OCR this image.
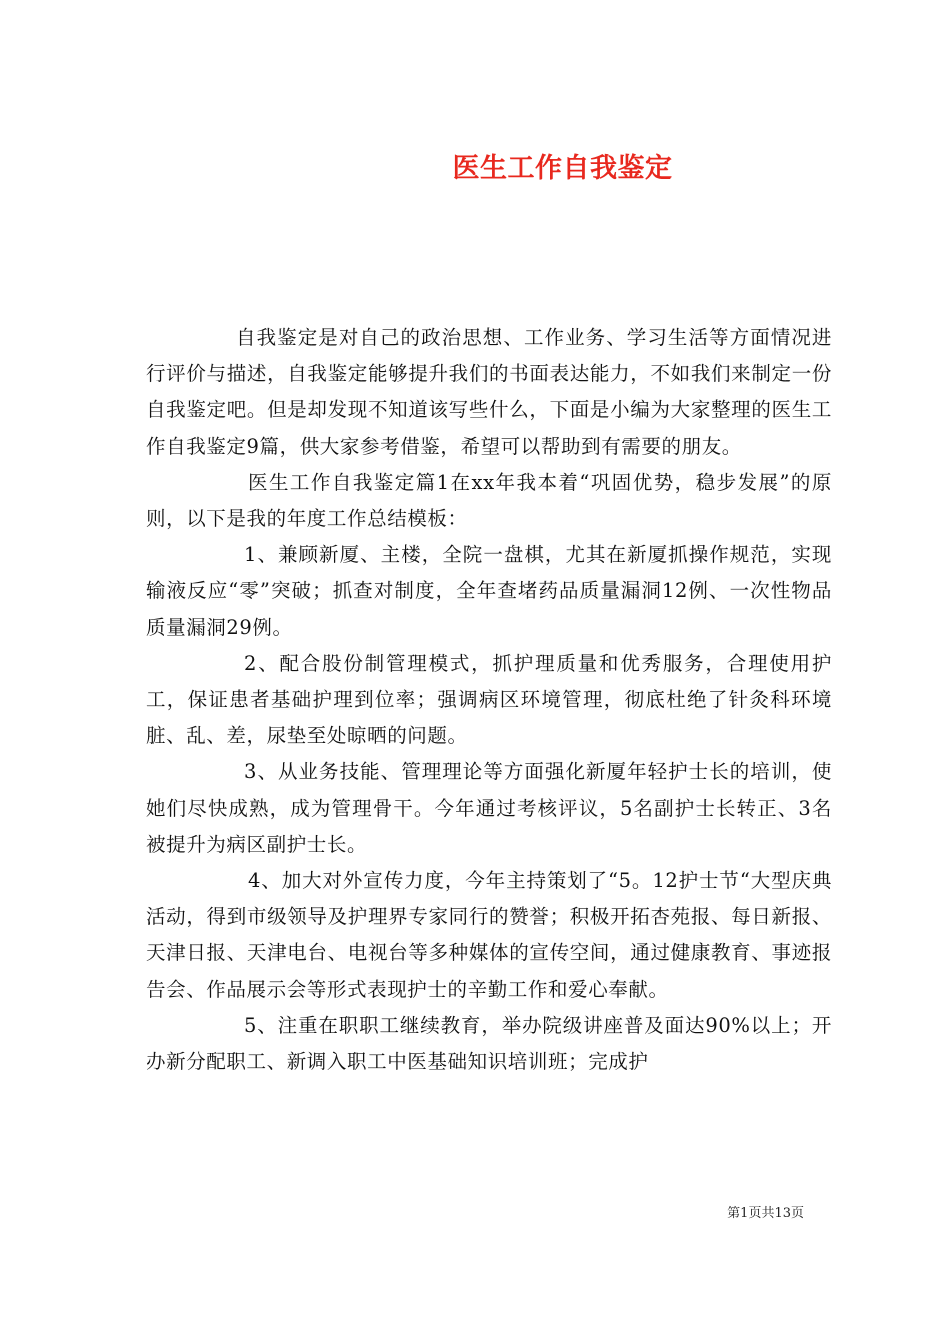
医生工作自我鉴定

自我鉴定是对自己的政治思想、工作业务、学习生活等方面情况进行评价与描述，自我鉴定能够提升我们的书面表达能力，不如我们来制定一份自我鉴定吧。但是却发现不知道该写些什么，下面是小编为大家整理的医生工作自我鉴定9篇，供大家参考借鉴，希望可以帮助到有需要的朋友。

医生工作自我鉴定篇1在xx年我本着“巩固优势，稳步发展”的原则，以下是我的年度工作总结模板：

1、兼顾新厦、主楼，全院一盘棋，尤其在新厦抓操作规范，实现输液反应“零”突破；抓查对制度，全年查堵药品质量漏洞12例、一次性物品质量漏洞29例。

2、配合股份制管理模式，抓护理质量和优秀服务，合理使用护工，保证患者基础护理到位率；强调病区环境管理，彻底杜绝了针灸科环境脏、乱、差，尿垫至处晾晒的问题。

3、从业务技能、管理理论等方面强化新厦年轻护士长的培训，使她们尽快成熟，成为管理骨干。今年通过考核评议，5名副护士长转正、3名被提升为病区副护士长。

4、加大对外宣传力度，今年主持策划了“5。12护士节“大型庆典活动，得到市级领导及护理界专家同行的赞誉；积极开拓杏苑报、每日新报、天津日报、天津电台、电视台等多种媒体的宣传空间，通过健康教育、事迹报告会、作品展示会等形式表现护士的辛勤工作和爱心奉献。

5、注重在职职工继续教育，举办院级讲座普及面达90%以上；开办新分配职工、新调入职工中医基础知识培训班；完成护

第1页共13页
